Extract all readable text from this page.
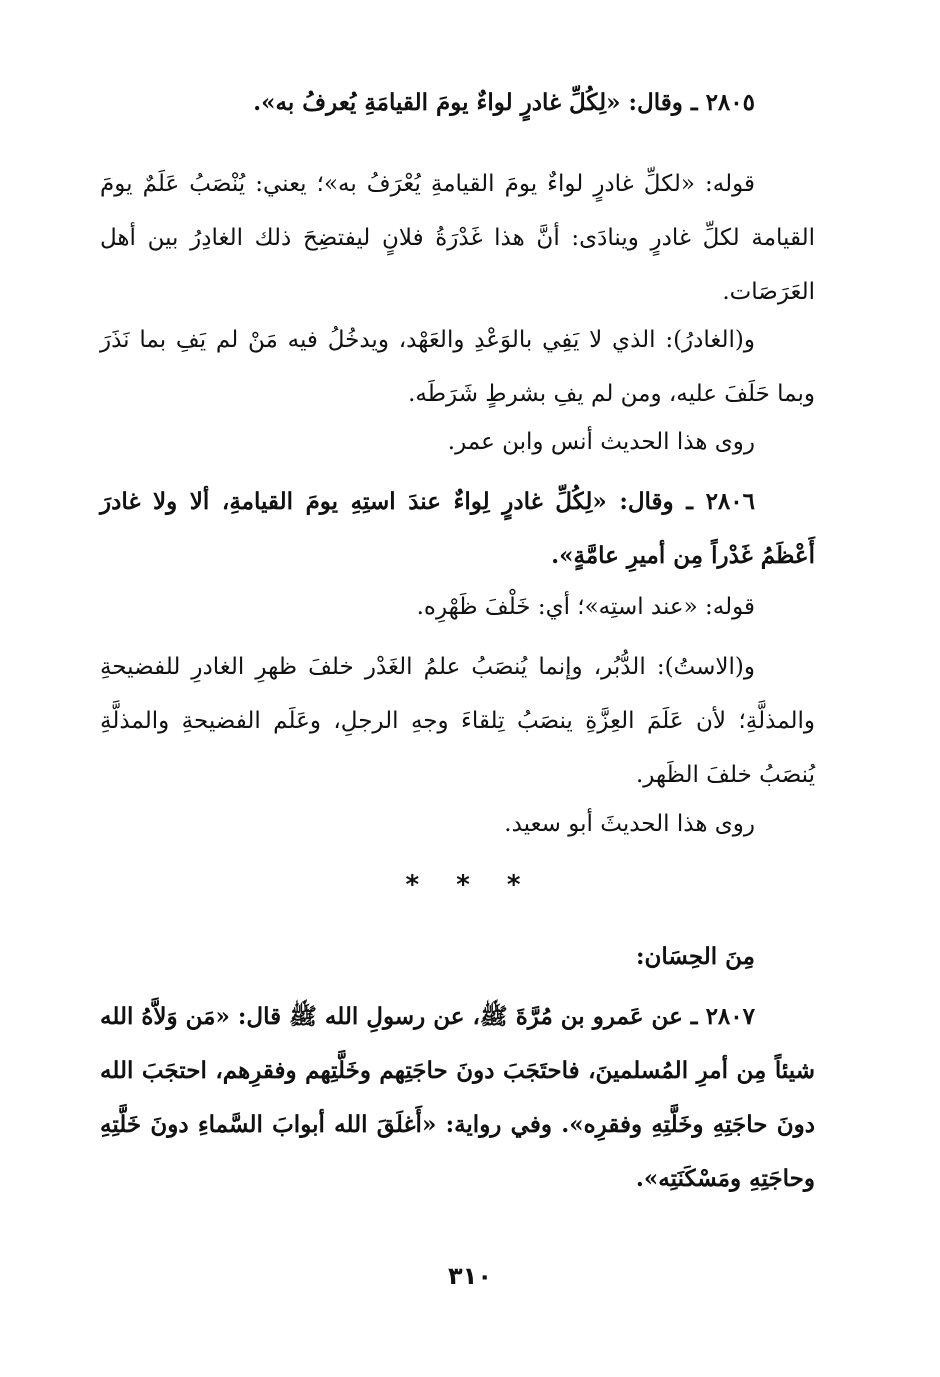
٢٨٠٥ ـ وقال: «لِكُلِّ غادرٍ لواءٌ يومَ القيامَةِ يُعرفُ به».

قوله: «لكلِّ غادرٍ لواءٌ يومَ القيامةِ يُعْرَفُ به»؛ يعني: يُنْصَبُ عَلَمٌ يومَ القيامة لكلِّ غادرٍ وينادَى: أنَّ هذا غَدْرَةُ فلانٍ ليفتضِحَ ذلك الغادِرُ بين أهل العَرَصَات.

و(الغادرُ): الذي لا يَفِي بالوَعْدِ والعَهْد، ويدخُلُ فيه مَنْ لم يَفِ بما نَذَرَ وبما حَلَفَ عليه، ومن لم يفِ بشرطٍ شَرَطَه.

روى هذا الحديث أنس وابن عمر.

٢٨٠٦ ـ وقال: «لِكُلِّ غادرٍ لِواءٌ عندَ استِهِ يومَ القيامةِ، ألا ولا غادرَ أَعْظَمُ غَدْراً مِن أميرِ عامَّةٍ».

قوله: «عند استِه»؛ أي: خَلْفَ ظَهْرِه.

و(الاستُ): الدُّبُر، وإنما يُنصَبُ علمُ الغَدْر خلفَ ظهرِ الغادرِ للفضيحةِ والمذلَّةِ؛ لأن عَلَمَ العِزَّةِ ينصَبُ تِلقاءَ وجهِ الرجلِ، وعَلَم الفضيحةِ والمذلَّةِ يُنصَبُ خلفَ الظَهر.

روى هذا الحديثَ أبو سعيد.

* * *

مِنَ الحِسَان:

٢٨٠٧ ـ عن عَمرو بن مُرَّةَ ﷺ، عن رسولِ الله ﷺ قال: «مَن وَلاَّهُ الله شيئاً مِن أمرِ المُسلمينَ، فاحتَجَبَ دونَ حاجَتِهم وخَلَّتِهم وفقرِهم، احتجَبَ الله دونَ حاجَتِهِ وخَلَّتِهِ وفقرِه». وفي رواية: «أَغلَقَ الله أبوابَ السَّماءِ دونَ خَلَّتِهِ وحاجَتِهِ ومَسْكَنَتِه».

٣١٠
